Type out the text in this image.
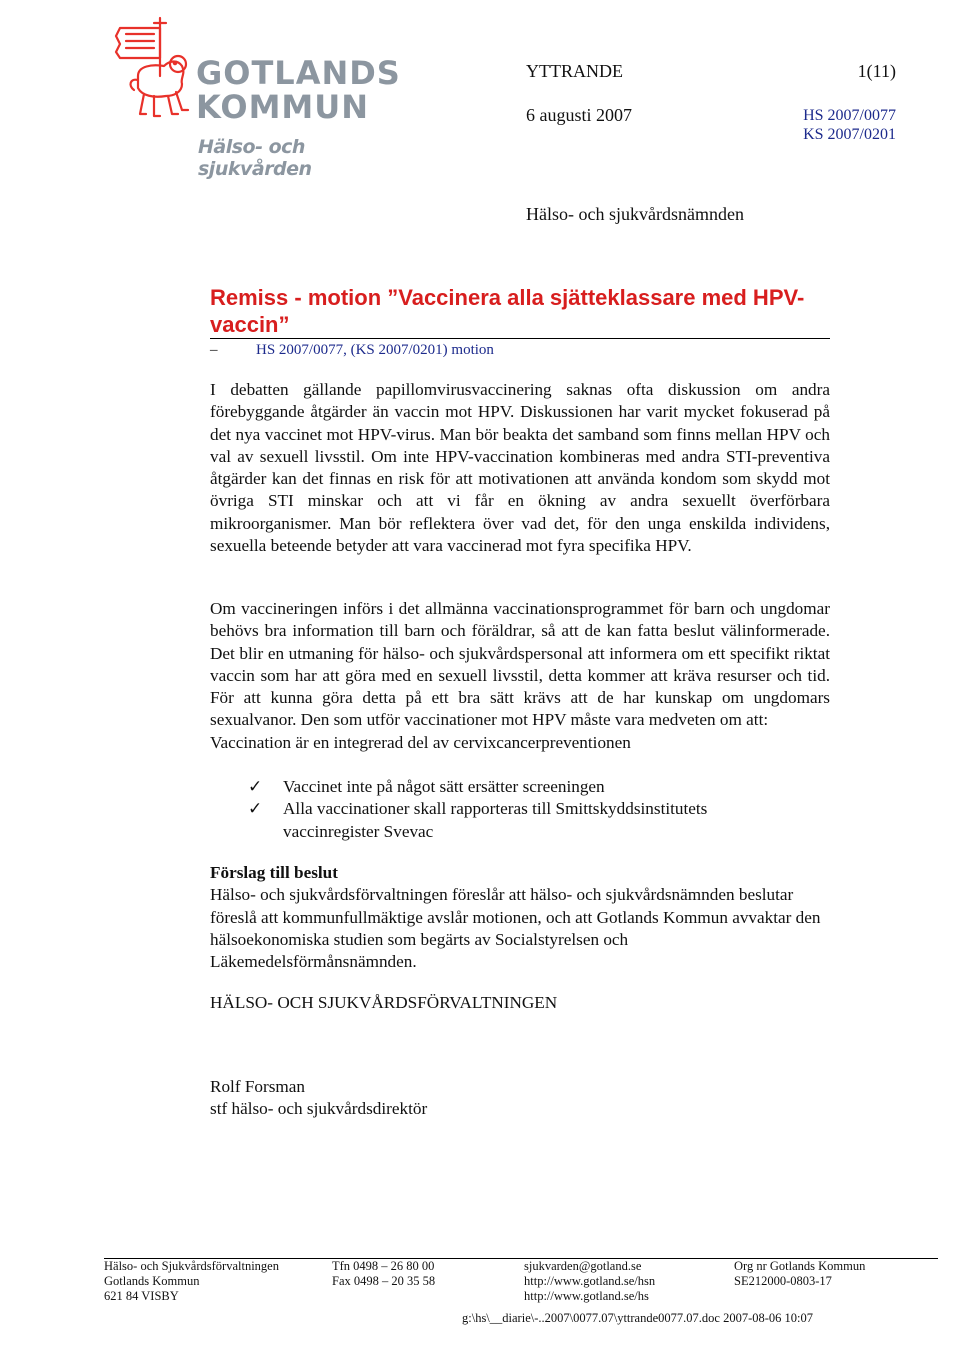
GOTLANDS
KOMMUN
Hälso- och sjukvården
YTTRANDE	1(11)
6 augusti 2007	HS 2007/0077
KS 2007/0201
Hälso- och sjukvårdsnämnden
Remiss - motion ”Vaccinera alla sjätteklassare med HPV-
vaccin”
–	HS 2007/0077, (KS 2007/0201) motion
I debatten gällande papillomvirusvaccinering saknas ofta diskussion om andra förebyggande åtgärder än vaccin mot HPV. Diskussionen har varit mycket fokuserad på det nya vaccinet mot HPV-virus. Man bör beakta det samband som finns mellan HPV och val av sexuell livsstil. Om inte HPV-vaccination kombineras med andra STI-preventiva åtgärder kan det finnas en risk för att motivationen att använda kondom som skydd mot övriga STI minskar och att vi får en ökning av andra sexuellt överförbara mikroorganismer. Man bör reflektera över vad det, för den unga enskilda individens, sexuella beteende betyder att vara vaccinerad mot fyra specifika HPV.
Om vaccineringen införs i det allmänna vaccinationsprogrammet för barn och ungdomar behövs bra information till barn och föräldrar, så att de kan fatta beslut välinformerade. Det blir en utmaning för hälso- och sjukvårdspersonal att informera om ett specifikt riktat vaccin som har att göra med en sexuell livsstil, detta kommer att kräva resurser och tid. För att kunna göra detta på ett bra sätt krävs att de har kunskap om ungdomars sexualvanor. Den som utför vaccinationer mot HPV måste vara medveten om att:
Vaccination är en integrerad del av cervixcancerpreventionen
✓	Vaccinet inte på något sätt ersätter screeningen
✓	Alla vaccinationer skall rapporteras till Smittskyddsinstitutets vaccinregister Svevac
Förslag till beslut
Hälso- och sjukvårdsförvaltningen föreslår att hälso- och sjukvårdsnämnden beslutar föreslå att kommunfullmäktige avslår motionen, och att Gotlands Kommun avvaktar den hälsoekonomiska studien som begärts av Socialstyrelsen och Läkemedelsförmånsnämnden.
HÄLSO- OCH SJUKVÅRDSFÖRVALTNINGEN
Rolf Forsman
stf hälso- och sjukvårdsdirektör
Hälso- och Sjukvårdsförvaltningen
Gotlands Kommun
621 84 VISBY
Tfn 0498 – 26 80 00
Fax 0498 – 20 35 58
sjukvarden@gotland.se
http://www.gotland.se/hsn
http://www.gotland.se/hs
Org nr Gotlands Kommun
SE212000-0803-17
g:\hs\__diarie\-..2007\0077.07\yttrande0077.07.doc 2007-08-06 10:07
